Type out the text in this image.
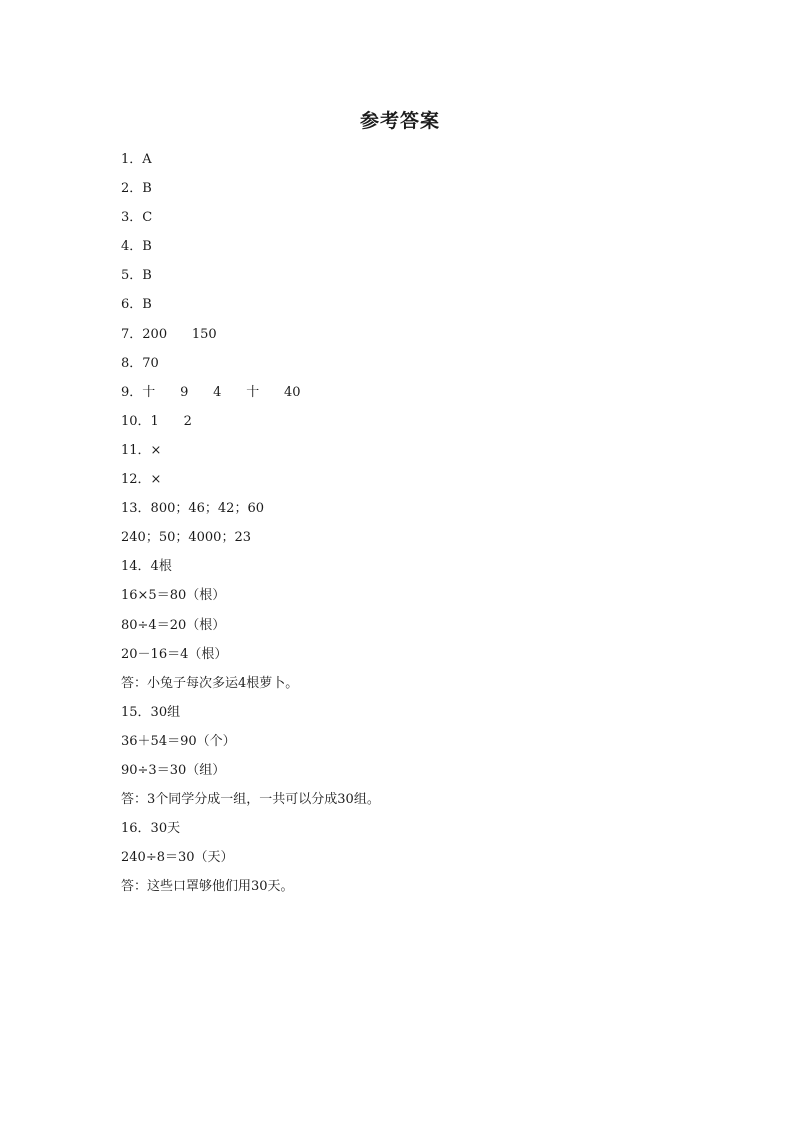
参考答案
1．A
2．B
3．C
4．B
5．B
6．B
7．200      150
8．70
9．十      9      4      十      40
10．1      2
11．×
12．×
13．800；46；42；60
240；50；4000；23
14．4根
16×5＝80（根）
80÷4＝20（根）
20－16＝4（根）
答：小兔子每次多运4根萝卜。
15．30组
36＋54＝90（个）
90÷3＝30（组）
答：3个同学分成一组，一共可以分成30组。
16．30天
240÷8＝30（天）
答：这些口罩够他们用30天。
